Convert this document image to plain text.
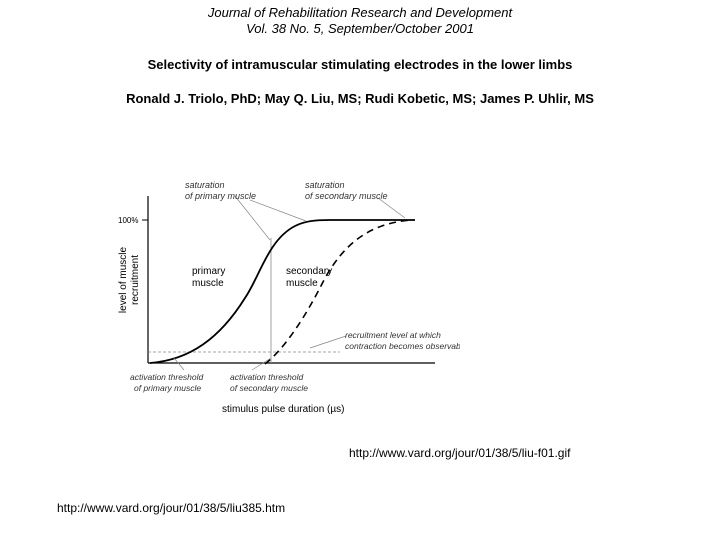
Journal of Rehabilitation Research and Development
Vol. 38 No. 5, September/October 2001
Selectivity of intramuscular stimulating electrodes in the lower limbs
Ronald J. Triolo, PhD; May Q. Liu, MS; Rudi Kobetic, MS; James P. Uhlir, MS
level of muscle recruitment
100%
saturation
of primary muscle
saturation
of secondary muscle
primary
muscle
secondary
muscle
recruitment level at which
contraction becomes observable
activation threshold
of primary muscle
activation threshold
of secondary muscle
stimulus pulse duration (µs)
http://www.vard.org/jour/01/38/5/liu-f01.gif
http://www.vard.org/jour/01/38/5/liu385.htm
